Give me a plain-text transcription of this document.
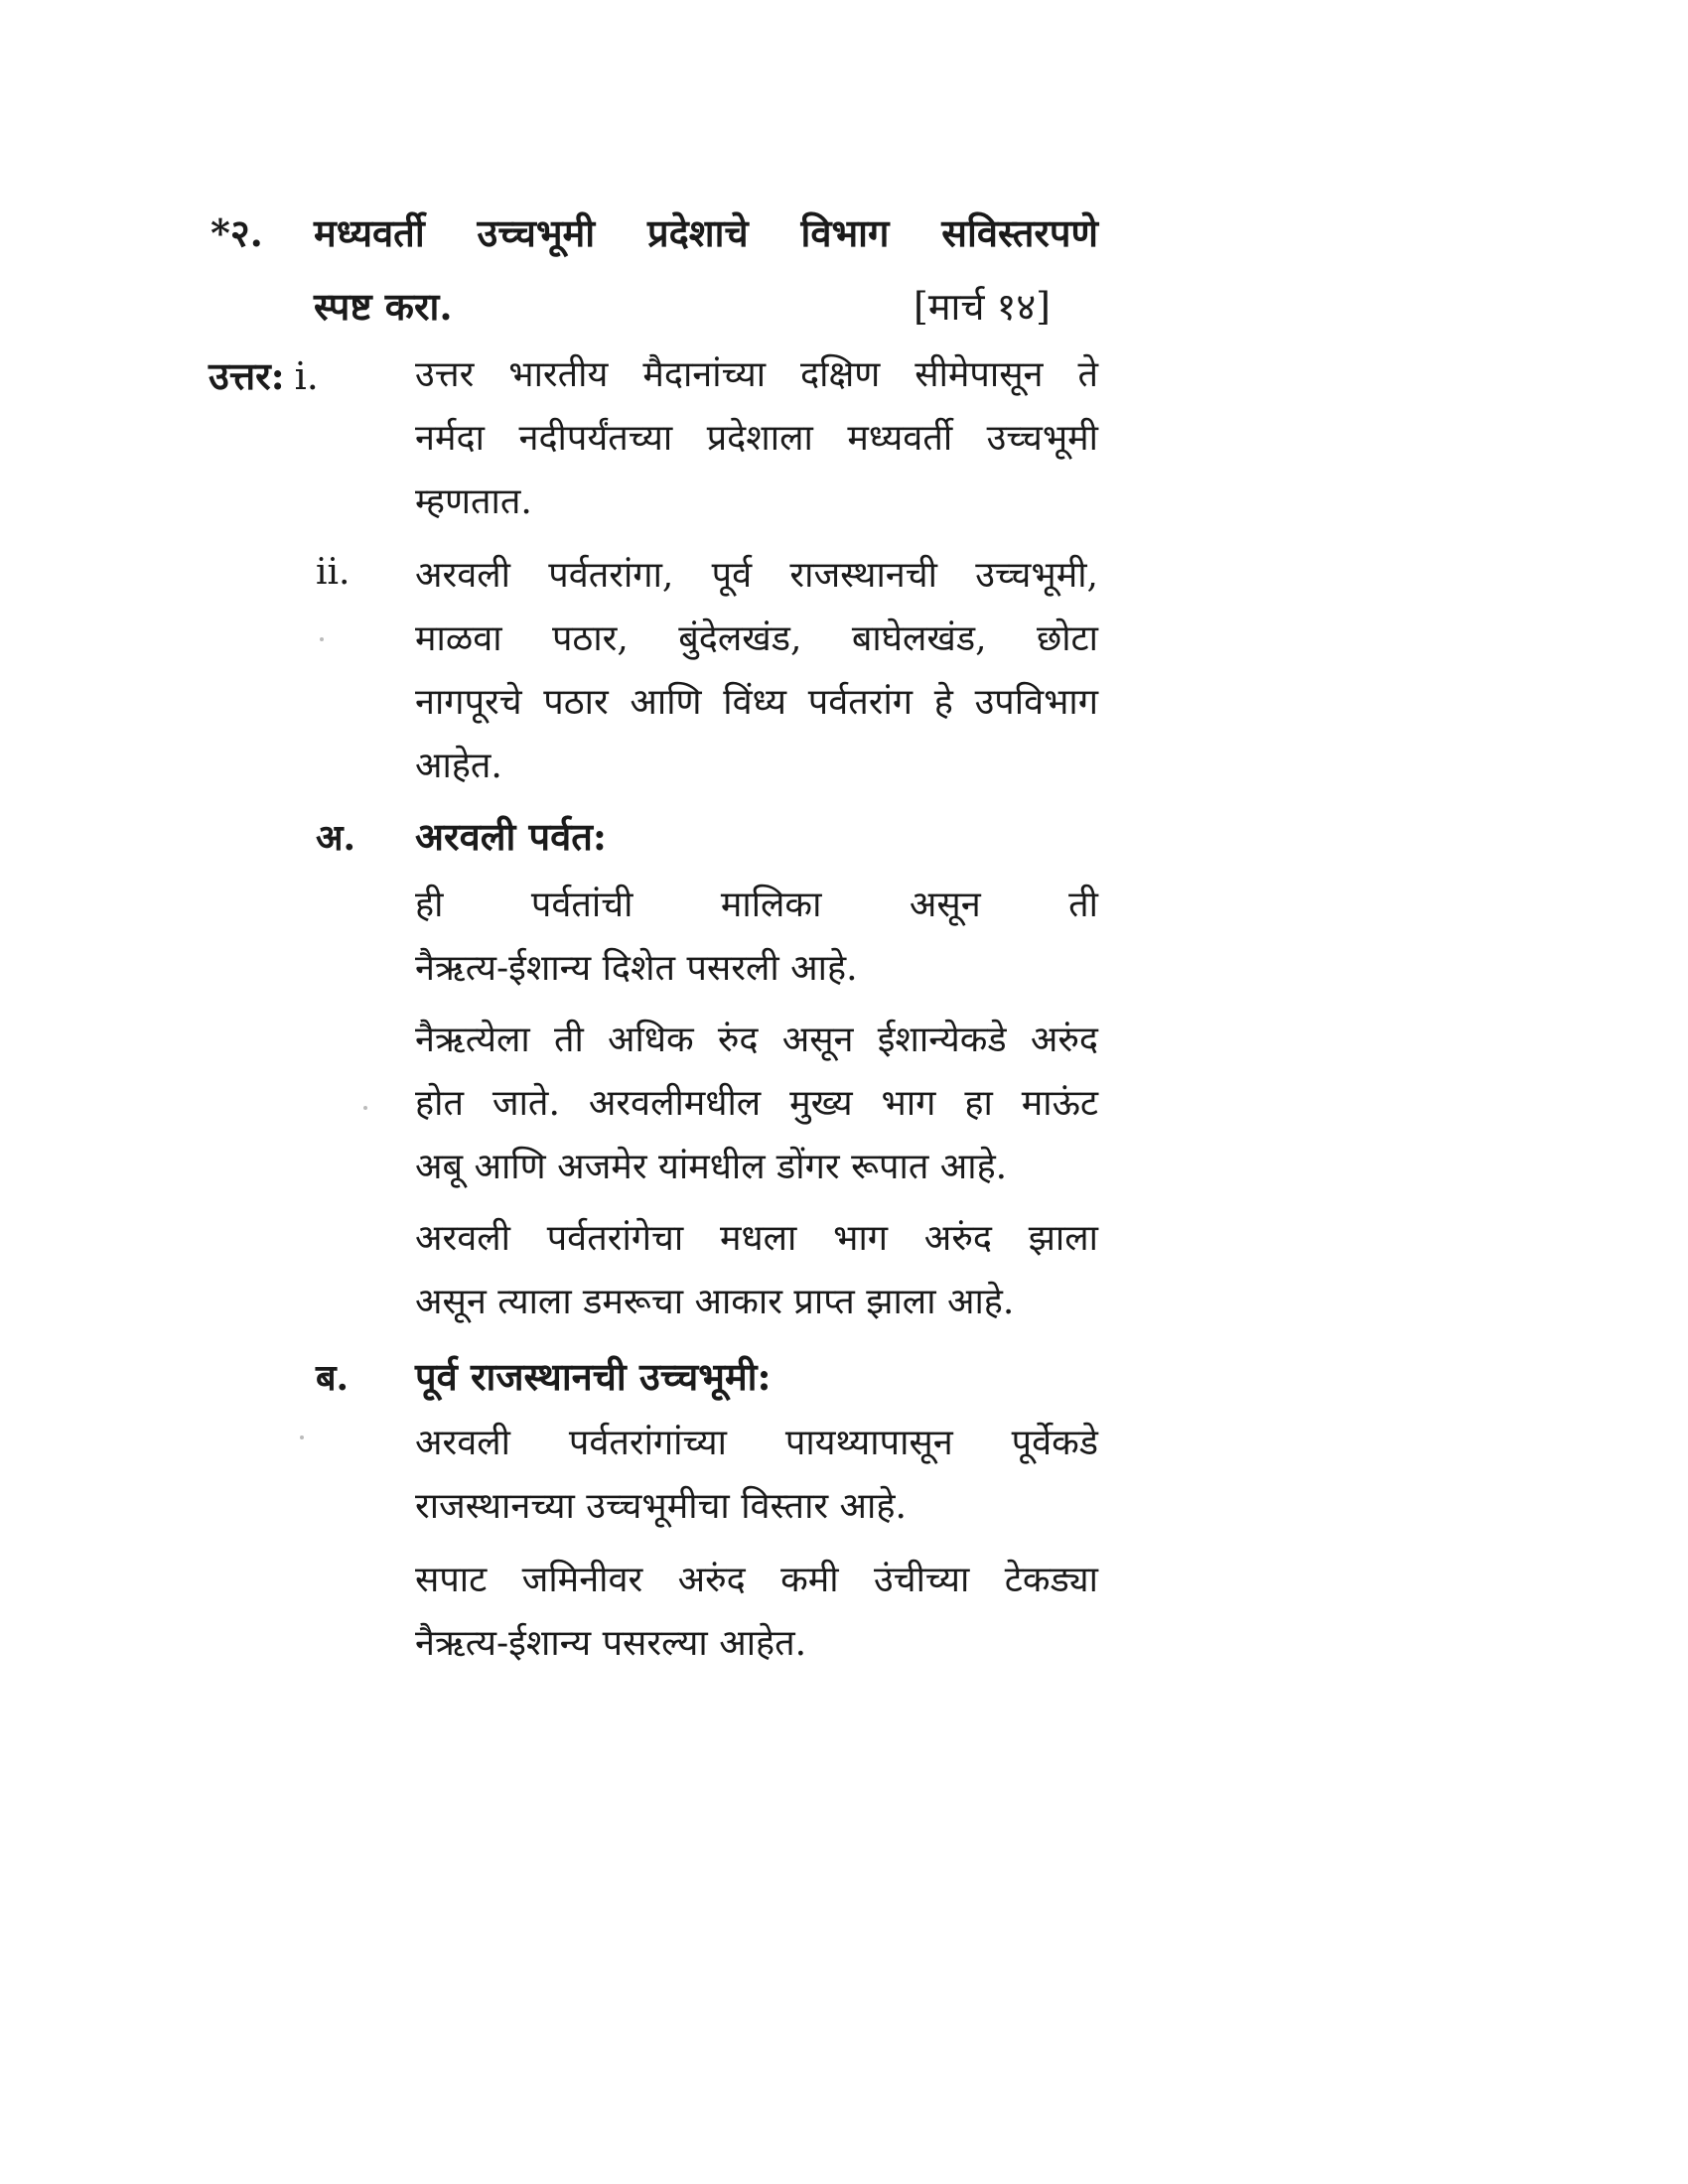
*२. मध्यवर्ती उच्चभूमी प्रदेशाचे विभाग सविस्तरपणे
स्पष्ट करा.	[मार्च १४]
उत्तर: i.	उत्तर भारतीय मैदानांच्या दक्षिण सीमेपासून ते
नर्मदा नदीपर्यंतच्या प्रदेशाला मध्यवर्ती उच्चभूमी
म्हणतात.
ii. अरवली पर्वतरांगा, पूर्व राजस्थानची उच्चभूमी,
माळवा पठार, बुंदेलखंड, बाघेलखंड, छोटा
नागपूरचे पठार आणि विंध्य पर्वतरांग हे उपविभाग
आहेत.
अ. अरवली पर्वत:
ही पर्वतांची मालिका असून ती
नैऋत्य-ईशान्य दिशेत पसरली आहे.
नैऋत्येला ती अधिक रुंद असून ईशान्येकडे अरुंद
होत जाते. अरवलीमधील मुख्य भाग हा माऊंट
अबू आणि अजमेर यांमधील डोंगर रूपात आहे.
अरवली पर्वतरांगेचा मधला भाग अरुंद झाला
असून त्याला डमरूचा आकार प्राप्त झाला आहे.
ब. पूर्व राजस्थानची उच्चभूमी:
अरवली पर्वतरांगांच्या पायथ्यापासून पूर्वेकडे
राजस्थानच्या उच्चभूमीचा विस्तार आहे.
सपाट जमिनीवर अरुंद कमी उंचीच्या टेकड्या
नैऋत्य-ईशान्य पसरल्या आहेत.
